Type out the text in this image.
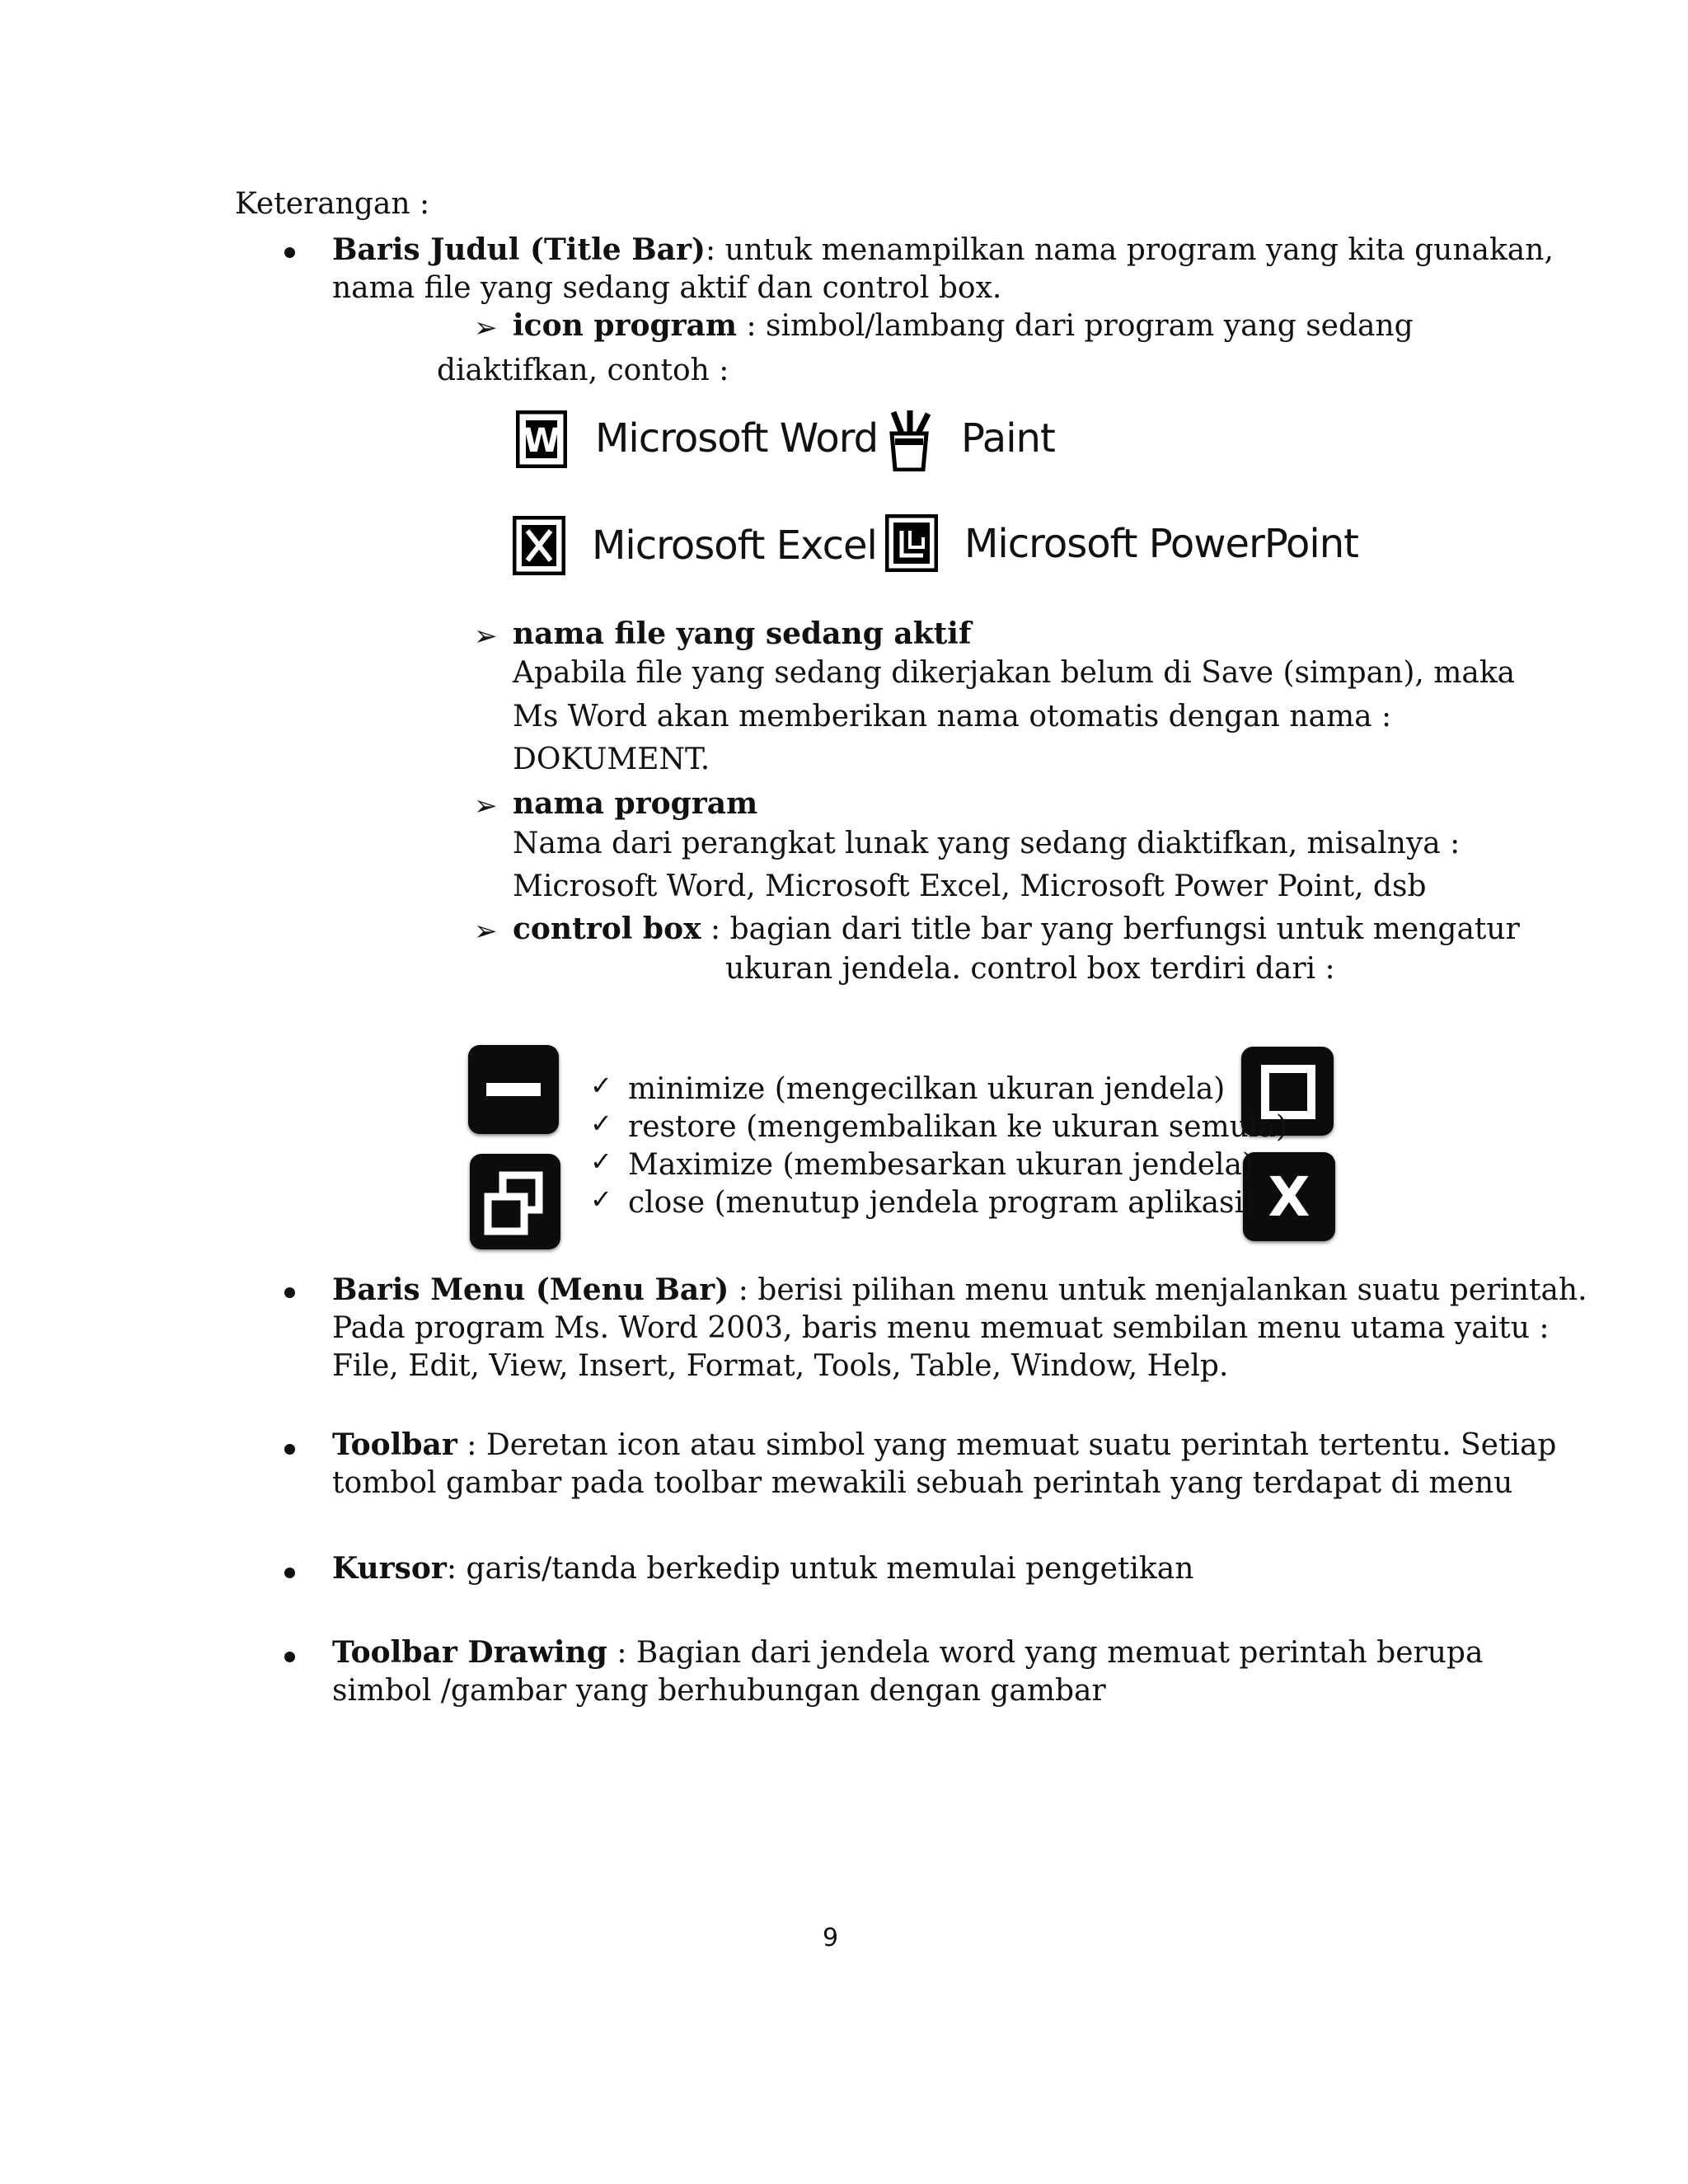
Keterangan :
Baris Judul (Title Bar): untuk menampilkan nama program yang kita gunakan,
nama file yang sedang aktif dan control box.
➢ icon program : simbol/lambang dari program yang sedang
diaktifkan, contoh :
W Microsoft Word Paint
Microsoft Excel Microsoft PowerPoint
➢ nama file yang sedang aktif
Apabila file yang sedang dikerjakan belum di Save (simpan), maka
Ms Word akan memberikan nama otomatis dengan nama :
DOKUMENT.
➢ nama program
Nama dari perangkat lunak yang sedang diaktifkan, misalnya :
Microsoft Word, Microsoft Excel, Microsoft Power Point, dsb
➢ control box : bagian dari title bar yang berfungsi untuk mengatur
ukuran jendela. control box terdiri dari :
X
✓ minimize (mengecilkan ukuran jendela)
✓ restore (mengembalikan ke ukuran semula)
✓ Maximize (membesarkan ukuran jendela)
✓ close (menutup jendela program aplikasi)
Baris Menu (Menu Bar) : berisi pilihan menu untuk menjalankan suatu perintah.
Pada program Ms. Word 2003, baris menu memuat sembilan menu utama yaitu :
File, Edit, View, Insert, Format, Tools, Table, Window, Help.
Toolbar : Deretan icon atau simbol yang memuat suatu perintah tertentu. Setiap
tombol gambar pada toolbar mewakili sebuah perintah yang terdapat di menu
Kursor: garis/tanda berkedip untuk memulai pengetikan
Toolbar Drawing : Bagian dari jendela word yang memuat perintah berupa
simbol /gambar yang berhubungan dengan gambar
9
